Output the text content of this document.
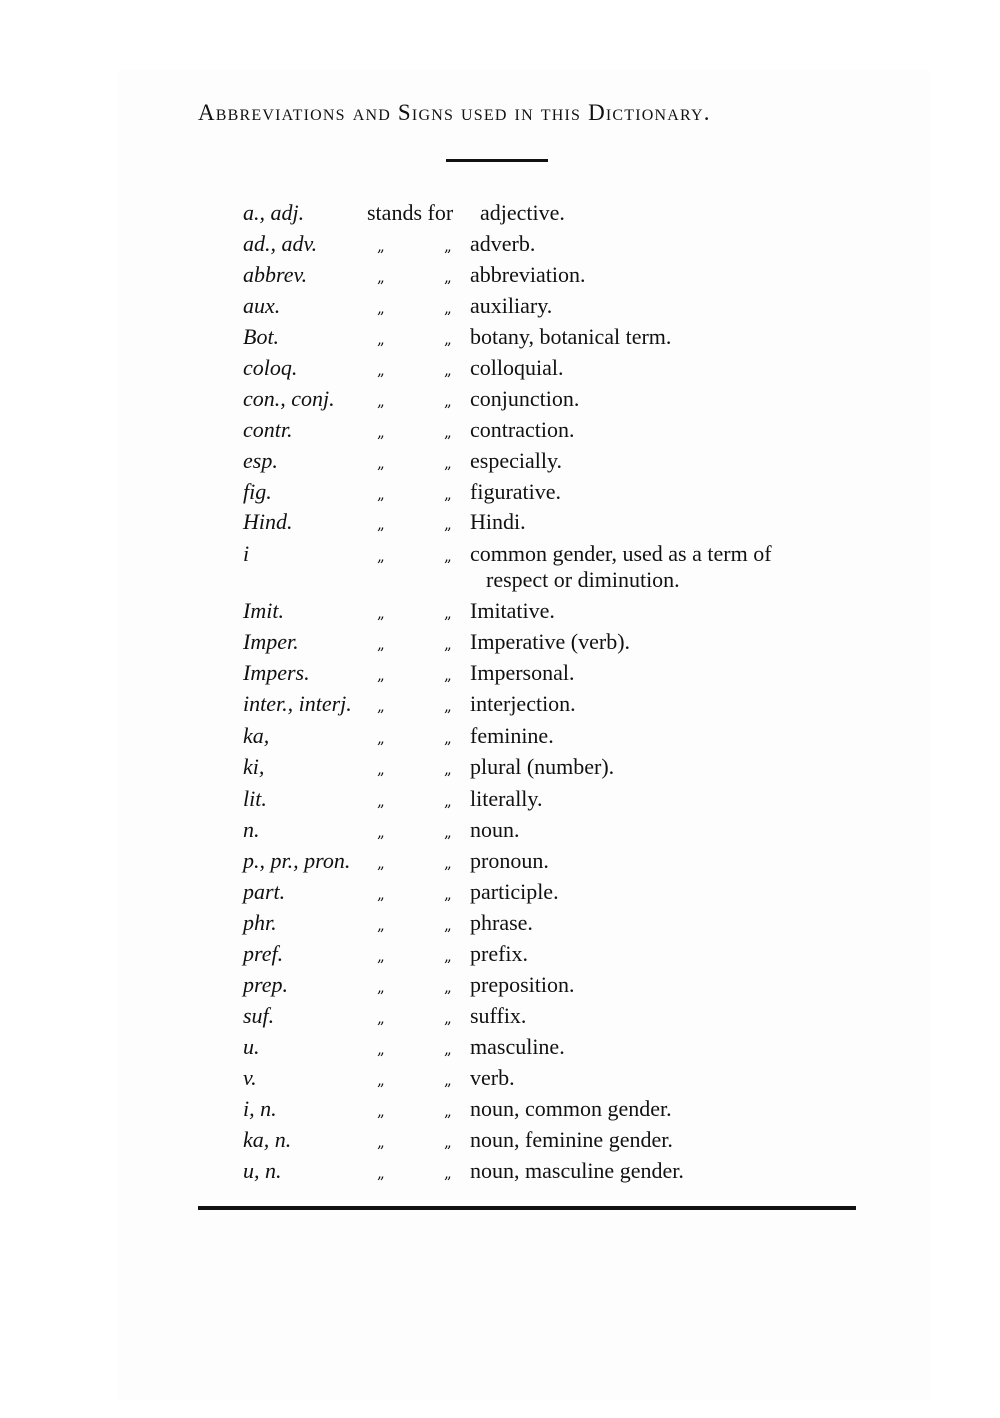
Abbreviations and Signs used in this Dictionary.
a., adj.	stands for adjective.
ad., adv.	„	„ adverb.
abbrev.	„	„ abbreviation.
aux.	„	„ auxiliary.
Bot.	„	„ botany, botanical term.
coloq.	„	„ colloquial.
con., conj.	„	„ conjunction.
contr.	„	„ contraction.
esp.	„	„ especially.
fig.	„	„ figurative.
Hind.	„	„ Hindi.
i	„	„ common gender, used as a term of
respect or diminution.
Imit.	„	„ Imitative.
Imper.	„	„ Imperative (verb).
Impers.	„	„ Impersonal.
inter., interj. „	„ interjection.
ka,	„	„ feminine.
ki,	„	„ plural (number).
lit.	„	„ literally.
n.	„	„ noun.
p., pr., pron. „	„ pronoun.
part.	„	„ participle.
phr.	„	„ phrase.
pref.	„	„ prefix.
prep.	„	„ preposition.
suf.	„	„ suffix.
u.	„	„ masculine.
v.	„	„ verb.
i, n.	„	„ noun, common gender.
ka, n.	„	„ noun, feminine gender.
u, n.	„	„ noun, masculine gender.
